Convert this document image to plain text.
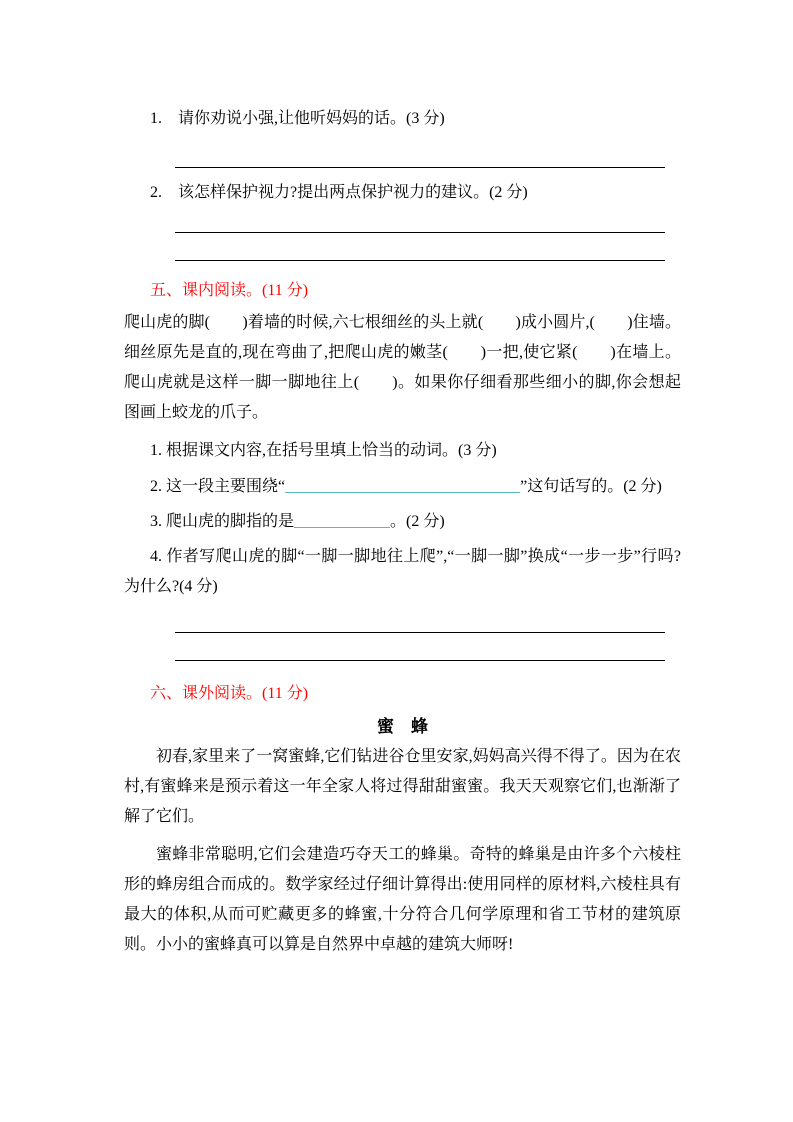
1.　请你劝说小强,让他听妈妈的话。(3 分)

2.　该怎样保护视力?提出两点保护视力的建议。(2 分)

五、课内阅读。(11 分)

爬山虎的脚(　　)着墙的时候,六七根细丝的头上就(　　)成小圆片,(　　)住墙。细丝原先是直的,现在弯曲了,把爬山虎的嫩茎(　　)一把,使它紧(　　)在墙上。爬山虎就是这样一脚一脚地往上(　　)。如果你仔细看那些细小的脚,你会想起图画上蛟龙的爪子。

1. 根据课文内容,在括号里填上恰当的动词。(3 分)

2. 这一段主要围绕“	”这句话写的。(2 分)

3. 爬山虎的脚指的是	。(2 分)

4. 作者写爬山虎的脚“一脚一脚地往上爬”,“一脚一脚”换成“一步一步”行吗?为什么?(4 分)

六、课外阅读。(11 分)

蜜　蜂

初春,家里来了一窝蜜蜂,它们钻进谷仓里安家,妈妈高兴得不得了。因为在农村,有蜜蜂来是预示着这一年全家人将过得甜甜蜜蜜。我天天观察它们,也渐渐了解了它们。

蜜蜂非常聪明,它们会建造巧夺天工的蜂巢。奇特的蜂巢是由许多个六棱柱形的蜂房组合而成的。数学家经过仔细计算得出:使用同样的原材料,六棱柱具有最大的体积,从而可贮藏更多的蜂蜜,十分符合几何学原理和省工节材的建筑原则。小小的蜜蜂真可以算是自然界中卓越的建筑大师呀!
